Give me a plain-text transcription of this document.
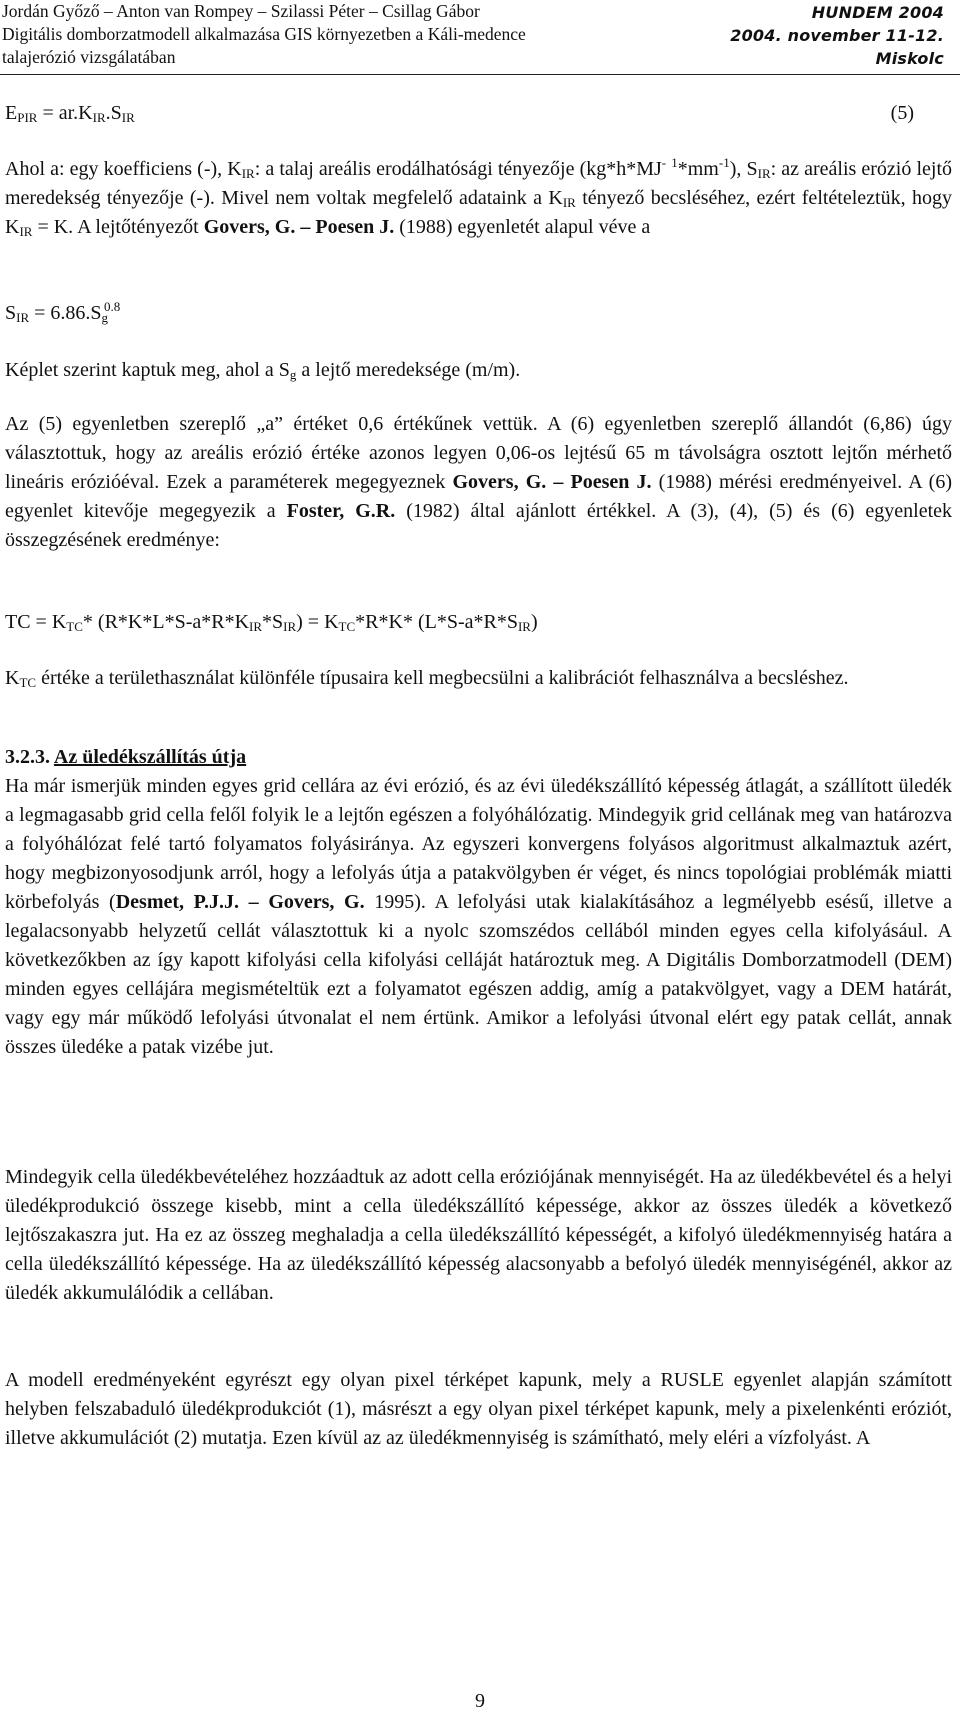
Jordán Győző – Anton van Rompey – Szilassi Péter – Csillag Gábor
Digitális domborzatmodell alkalmazása GIS környezetben a Káli-medence
talajerózió vizsgálatában
HUNDEM 2004
2004. november 11-12.
Miskolc
$E_{PIR} = ar.K_{IR}.S_{IR}$	(5)

Ahol a: egy koefficiens (-), $K_{IR}$: a talaj areális erodálhatósági tényezője (kg*h*MJ- $^1*mm^{-1}$), $S_{IR}$: az areális erózió lejtő meredekség tényezője (-). Mivel nem voltak megfelelő adataink a $K_{IR}$ tényező becsléséhez, ezért feltételeztük, hogy $K_{IR} = K$. A lejtőtényezőt Govers, G. – Poesen J. (1988) egyenletét alapul véve a

$S_{IR} = 6.86.S_g^{0.8}$

Képlet szerint kaptuk meg, ahol a $S_g$ a lejtő meredeksége (m/m).

Az (5) egyenletben szereplő „a” értéket 0,6 értékűnek vettük. A (6) egyenletben szereplő állandót (6,86) úgy választottuk, hogy az areális erózió értéke azonos legyen 0,06-os lejtésű 65 m távolságra osztott lejtőn mérhető lineáris erózióéval. Ezek a paraméterek megegyeznek Govers, G. – Poesen J. (1988) mérési eredményeivel. A (6) egyenlet kitevője megegyezik a Foster, G.R. (1982) által ajánlott értékkel. A (3), (4), (5) és (6) egyenletek összegzésének eredménye:

TC = $K_{TC}*$ $(R*K*L*S-a*R*K_{IR}*S_{IR}) = K_{TC}*R*K*$ $(L*S-a*R*S_{IR})$

$K_{TC}$ értéke a területhasználat különféle típusaira kell megbecsülni a kalibrációt felhasználva a becsléshez.

3.2.3. Az üledékszállítás útja

Ha már ismerjük minden egyes grid cellára az évi erózió, és az évi üledékszállító képesség átlagát, a szállított üledék a legmagasabb grid cella felől folyik le a lejtőn egészen a folyóhálózatig. Mindegyik grid cellának meg van határozva a folyóhálózat felé tartó folyamatos folyásiránya. Az egyszeri konvergens folyásos algoritmust alkalmaztuk azért, hogy megbizonyosodjunk arról, hogy a lefolyás útja a patakvölgyben ér véget, és nincs topológiai problémák miatti körbefolyás (Desmet, P.J.J. – Govers, G. 1995). A lefolyási utak kialakításához a legmélyebb esésű, illetve a legalacsonyabb helyzetű cellát választottuk ki a nyolc szomszédos cellából minden egyes cella kifolyásául. A következőkben az így kapott kifolyási cella kifolyási celláját határoztuk meg. A Digitális Domborzatmodell (DEM) minden egyes cellájára megismételtük ezt a folyamatot egészen addig, amíg a patakvölgyet, vagy a DEM határát, vagy egy már működő lefolyási útvonalat el nem értünk. Amikor a lefolyási útvonal elért egy patak cellát, annak összes üledéke a patak vizébe jut.

Mindegyik cella üledékbevételéhez hozzáadtuk az adott cella eróziójának mennyiségét. Ha az üledékbevétel és a helyi üledékprodukció összege kisebb, mint a cella üledékszállító képessége, akkor az összes üledék a következő lejtőszakaszra jut. Ha ez az összeg meghaladja a cella üledékszállító képességét, a kifolyó üledékmennyiség határa a cella üledékszállító képessége. Ha az üledékszállító képesség alacsonyabb a befolyó üledék mennyiségénél, akkor az üledék akkumulálódik a cellában.

A modell eredményeként egyrészt egy olyan pixel térképet kapunk, mely a RUSLE egyenlet alapján számított helyben felszabaduló üledékprodukciót (1), másrészt a egy olyan pixel térképet kapunk, mely a pixelenkénti eróziót, illetve akkumulációt (2) mutatja. Ezen kívül az az üledékmennyiség is számítható, mely eléri a vízfolyást. A

9
